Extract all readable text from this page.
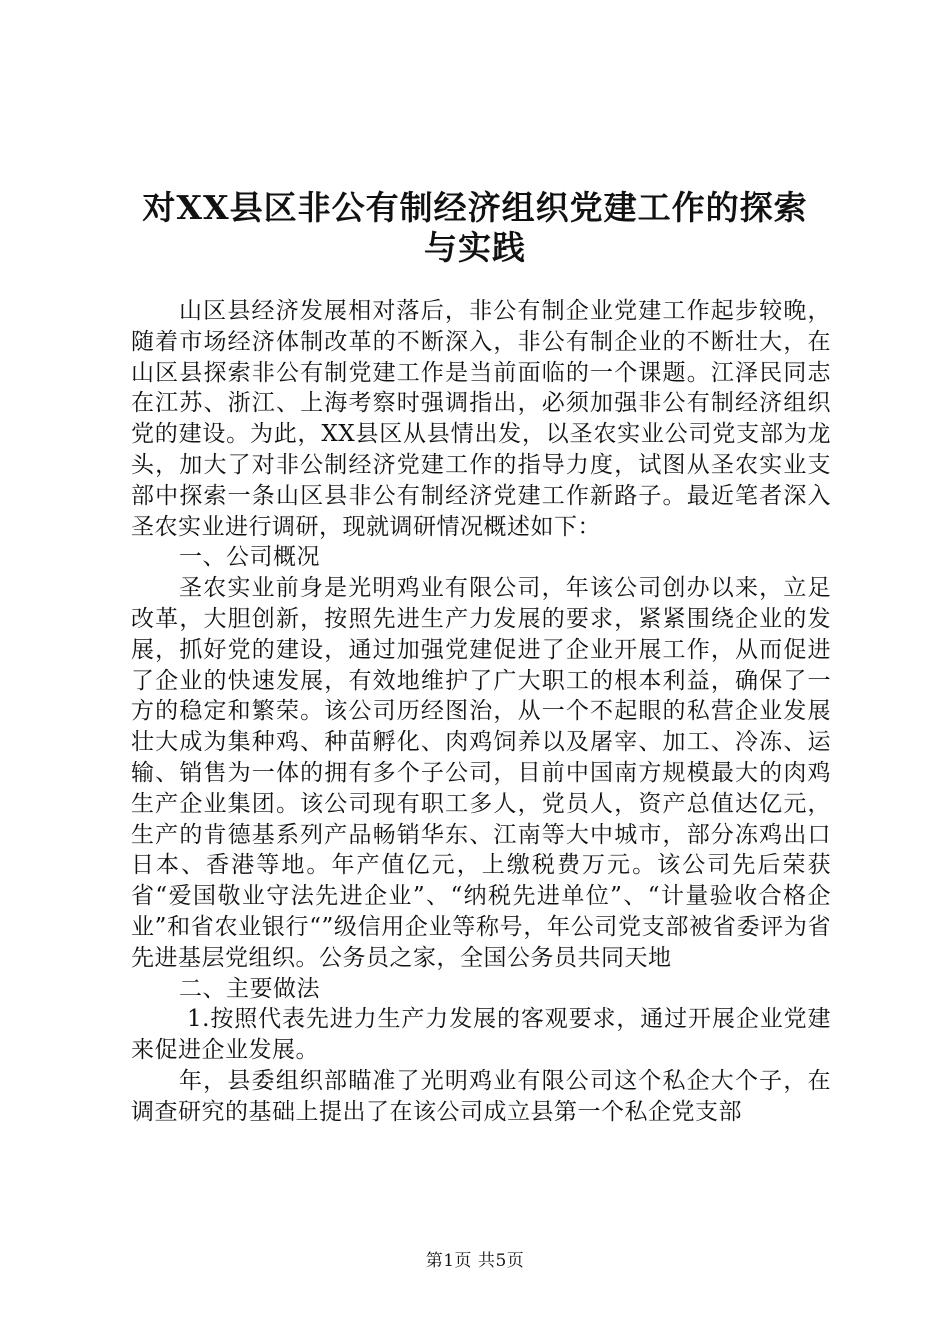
对XX县区非公有制经济组织党建工作的探索
与实践

山区县经济发展相对落后，非公有制企业党建工作起步较晚，随着市场经济体制改革的不断深入，非公有制企业的不断壮大，在山区县探索非公有制党建工作是当前面临的一个课题。江泽民同志在江苏、浙江、上海考察时强调指出，必须加强非公有制经济组织党的建设。为此，XX县区从县情出发，以圣农实业公司党支部为龙头，加大了对非公制经济党建工作的指导力度，试图从圣农实业支部中探索一条山区县非公有制经济党建工作新路子。最近笔者深入圣农实业进行调研，现就调研情况概述如下：

一、公司概况

圣农实业前身是光明鸡业有限公司，年该公司创办以来，立足改革，大胆创新，按照先进生产力发展的要求，紧紧围绕企业的发展，抓好党的建设，通过加强党建促进了企业开展工作，从而促进了企业的快速发展，有效地维护了广大职工的根本利益，确保了一方的稳定和繁荣。该公司历经图治，从一个不起眼的私营企业发展壮大成为集种鸡、种苗孵化、肉鸡饲养以及屠宰、加工、冷冻、运输、销售为一体的拥有多个子公司，目前中国南方规模最大的肉鸡生产企业集团。该公司现有职工多人，党员人，资产总值达亿元，生产的肯德基系列产品畅销华东、江南等大中城市，部分冻鸡出口日本、香港等地。年产值亿元，上缴税费万元。该公司先后荣获省“爱国敬业守法先进企业”、“纳税先进单位”、“计量验收合格企业”和省农业银行“”级信用企业等称号，年公司党支部被省委评为省先进基层党组织。公务员之家，全国公务员共同天地

二、主要做法

1.按照代表先进力生产力发展的客观要求，通过开展企业党建来促进企业发展。

年，县委组织部瞄准了光明鸡业有限公司这个私企大个子，在调查研究的基础上提出了在该公司成立县第一个私企党支部

第1页 共5页
